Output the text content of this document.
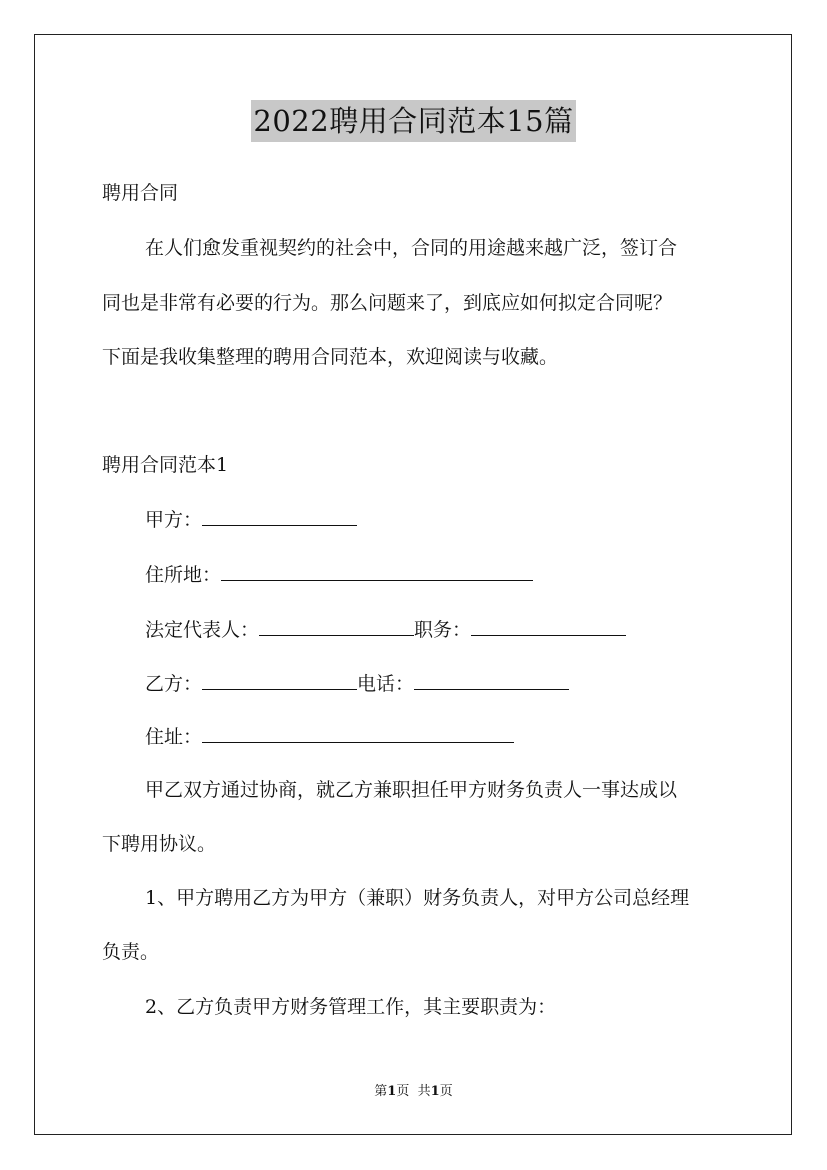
2022聘用合同范本15篇
聘用合同
在人们愈发重视契约的社会中，合同的用途越来越广泛，签订合
同也是非常有必要的行为。那么问题来了，到底应如何拟定合同呢？
下面是我收集整理的聘用合同范本，欢迎阅读与收藏。
聘用合同范本1
甲方：
住所地：
法定代表人：	职务：
乙方：	电话：
住址：
甲乙双方通过协商，就乙方兼职担任甲方财务负责人一事达成以
下聘用协议。
1、甲方聘用乙方为甲方（兼职）财务负责人，对甲方公司总经理
负责。
2、乙方负责甲方财务管理工作，其主要职责为：
第1页 共1页
